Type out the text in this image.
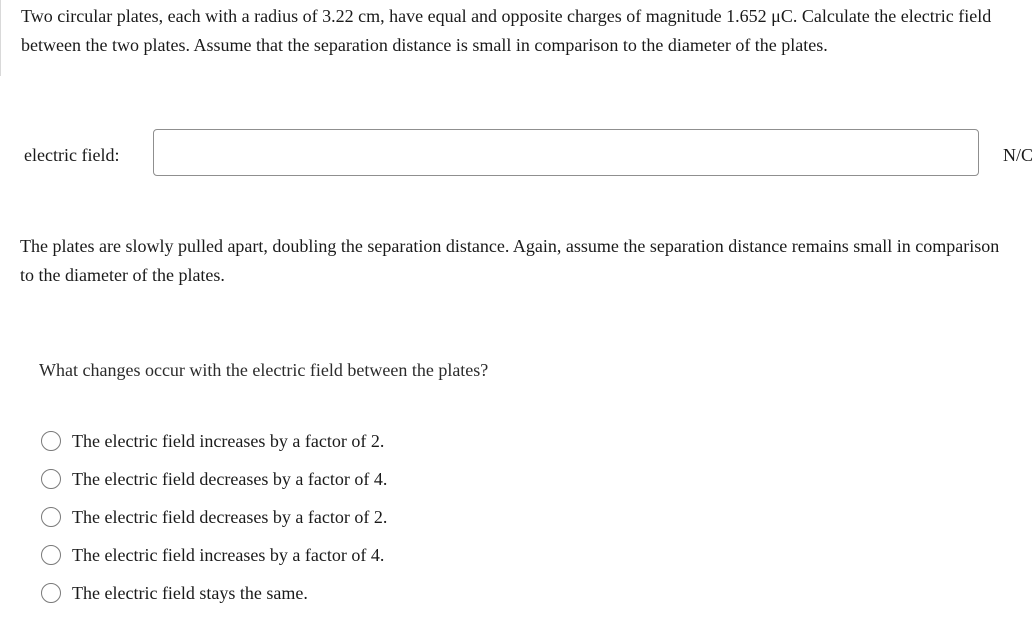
Two circular plates, each with a radius of 3.22 cm, have equal and opposite charges of magnitude 1.652 μC. Calculate the electric field between the two plates. Assume that the separation distance is small in comparison to the diameter of the plates.

electric field:	N/C

The plates are slowly pulled apart, doubling the separation distance. Again, assume the separation distance remains small in comparison to the diameter of the plates.

What changes occur with the electric field between the plates?

The electric field increases by a factor of 2.
The electric field decreases by a factor of 4.
The electric field decreases by a factor of 2.
The electric field increases by a factor of 4.
The electric field stays the same.
